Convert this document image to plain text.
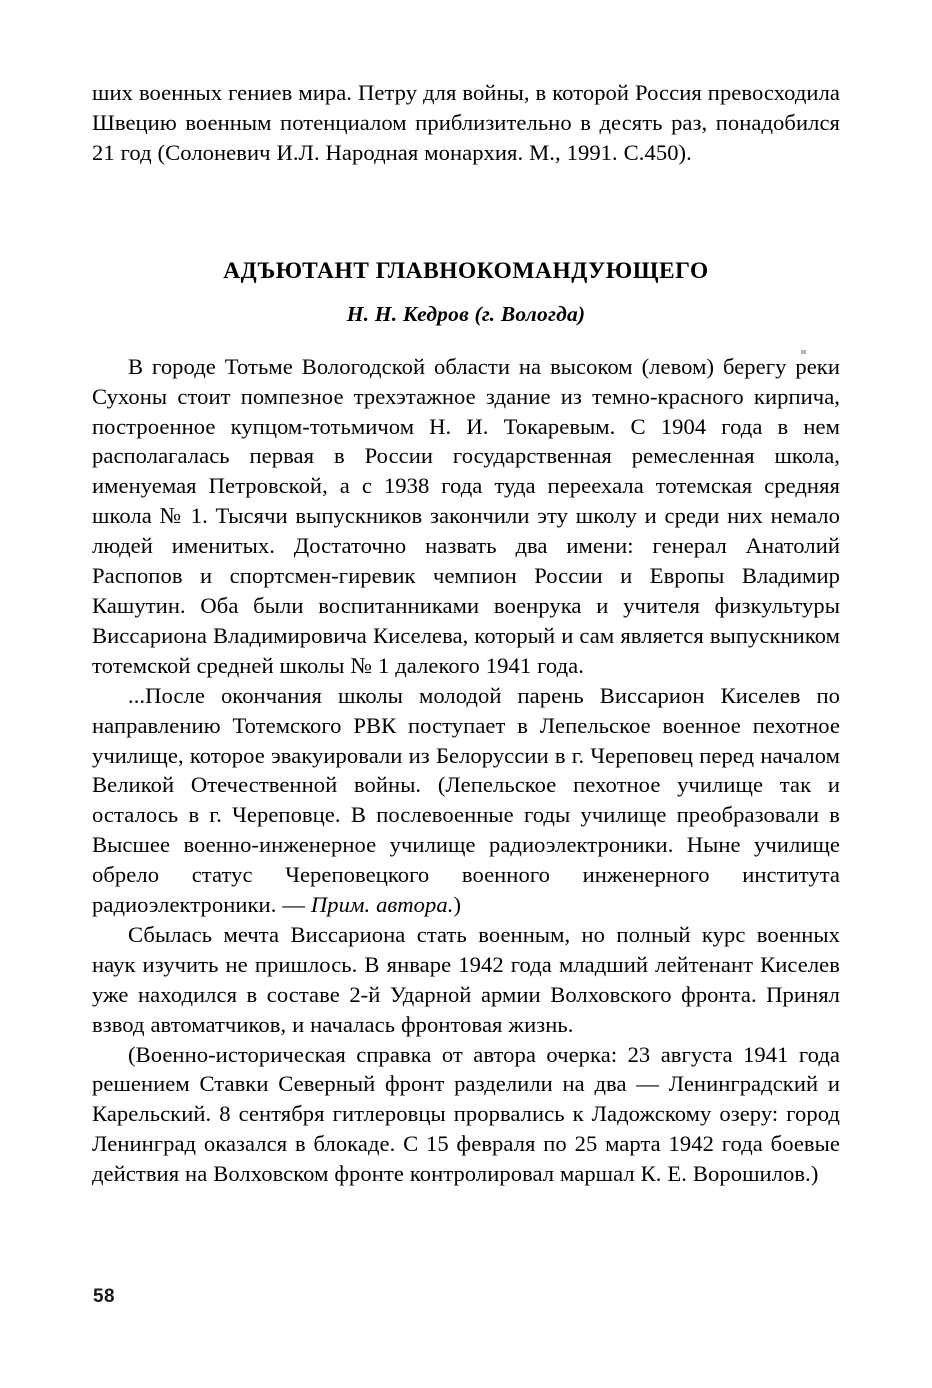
ших военных гениев мира. Петру для войны, в которой Россия превосходила Швецию военным потенциалом приблизительно в десять раз, понадобился 21 год (Солоневич И.Л. Народная монархия. М., 1991. С.450).

АДЪЮТАНТ ГЛАВНОКОМАНДУЮЩЕГО
Н. Н. Кедров (г. Вологда)

В городе Тотьме Вологодской области на высоком (левом) берегу реки Сухоны стоит помпезное трехэтажное здание из темно-красного кирпича, построенное купцом-тотьмичом Н. И. Токаревым. С 1904 года в нем располагалась первая в России государственная ремесленная школа, именуемая Петровской, а с 1938 года туда переехала тотемская средняя школа № 1. Тысячи выпускников закончили эту школу и среди них немало людей именитых. Достаточно назвать два имени: генерал Анатолий Распопов и спортсмен-гиревик чемпион России и Европы Владимир Кашутин. Оба были воспитанниками военрука и учителя физкультуры Виссариона Владимировича Киселева, который и сам является выпускником тотемской средней школы № 1 далекого 1941 года.

...После окончания школы молодой парень Виссарион Киселев по направлению Тотемского РВК поступает в Лепельское военное пехотное училище, которое эвакуировали из Белоруссии в г. Череповец перед началом Великой Отечественной войны. (Лепельское пехотное училище так и осталось в г. Череповце. В послевоенные годы училище преобразовали в Высшее военно-инженерное училище радиоэлектроники. Ныне училище обрело статус Череповецкого военного инженерного института радиоэлектроники. — Прим. автора.)

Сбылась мечта Виссариона стать военным, но полный курс военных наук изучить не пришлось. В январе 1942 года младший лейтенант Киселев уже находился в составе 2-й Ударной армии Волховского фронта. Принял взвод автоматчиков, и началась фронтовая жизнь.

(Военно-историческая справка от автора очерка: 23 августа 1941 года решением Ставки Северный фронт разделили на два — Ленинградский и Карельский. 8 сентября гитлеровцы прорвались к Ладожскому озеру: город Ленинград оказался в блокаде. С 15 февраля по 25 марта 1942 года боевые действия на Волховском фронте контролировал маршал К. Е. Ворошилов.)

58
